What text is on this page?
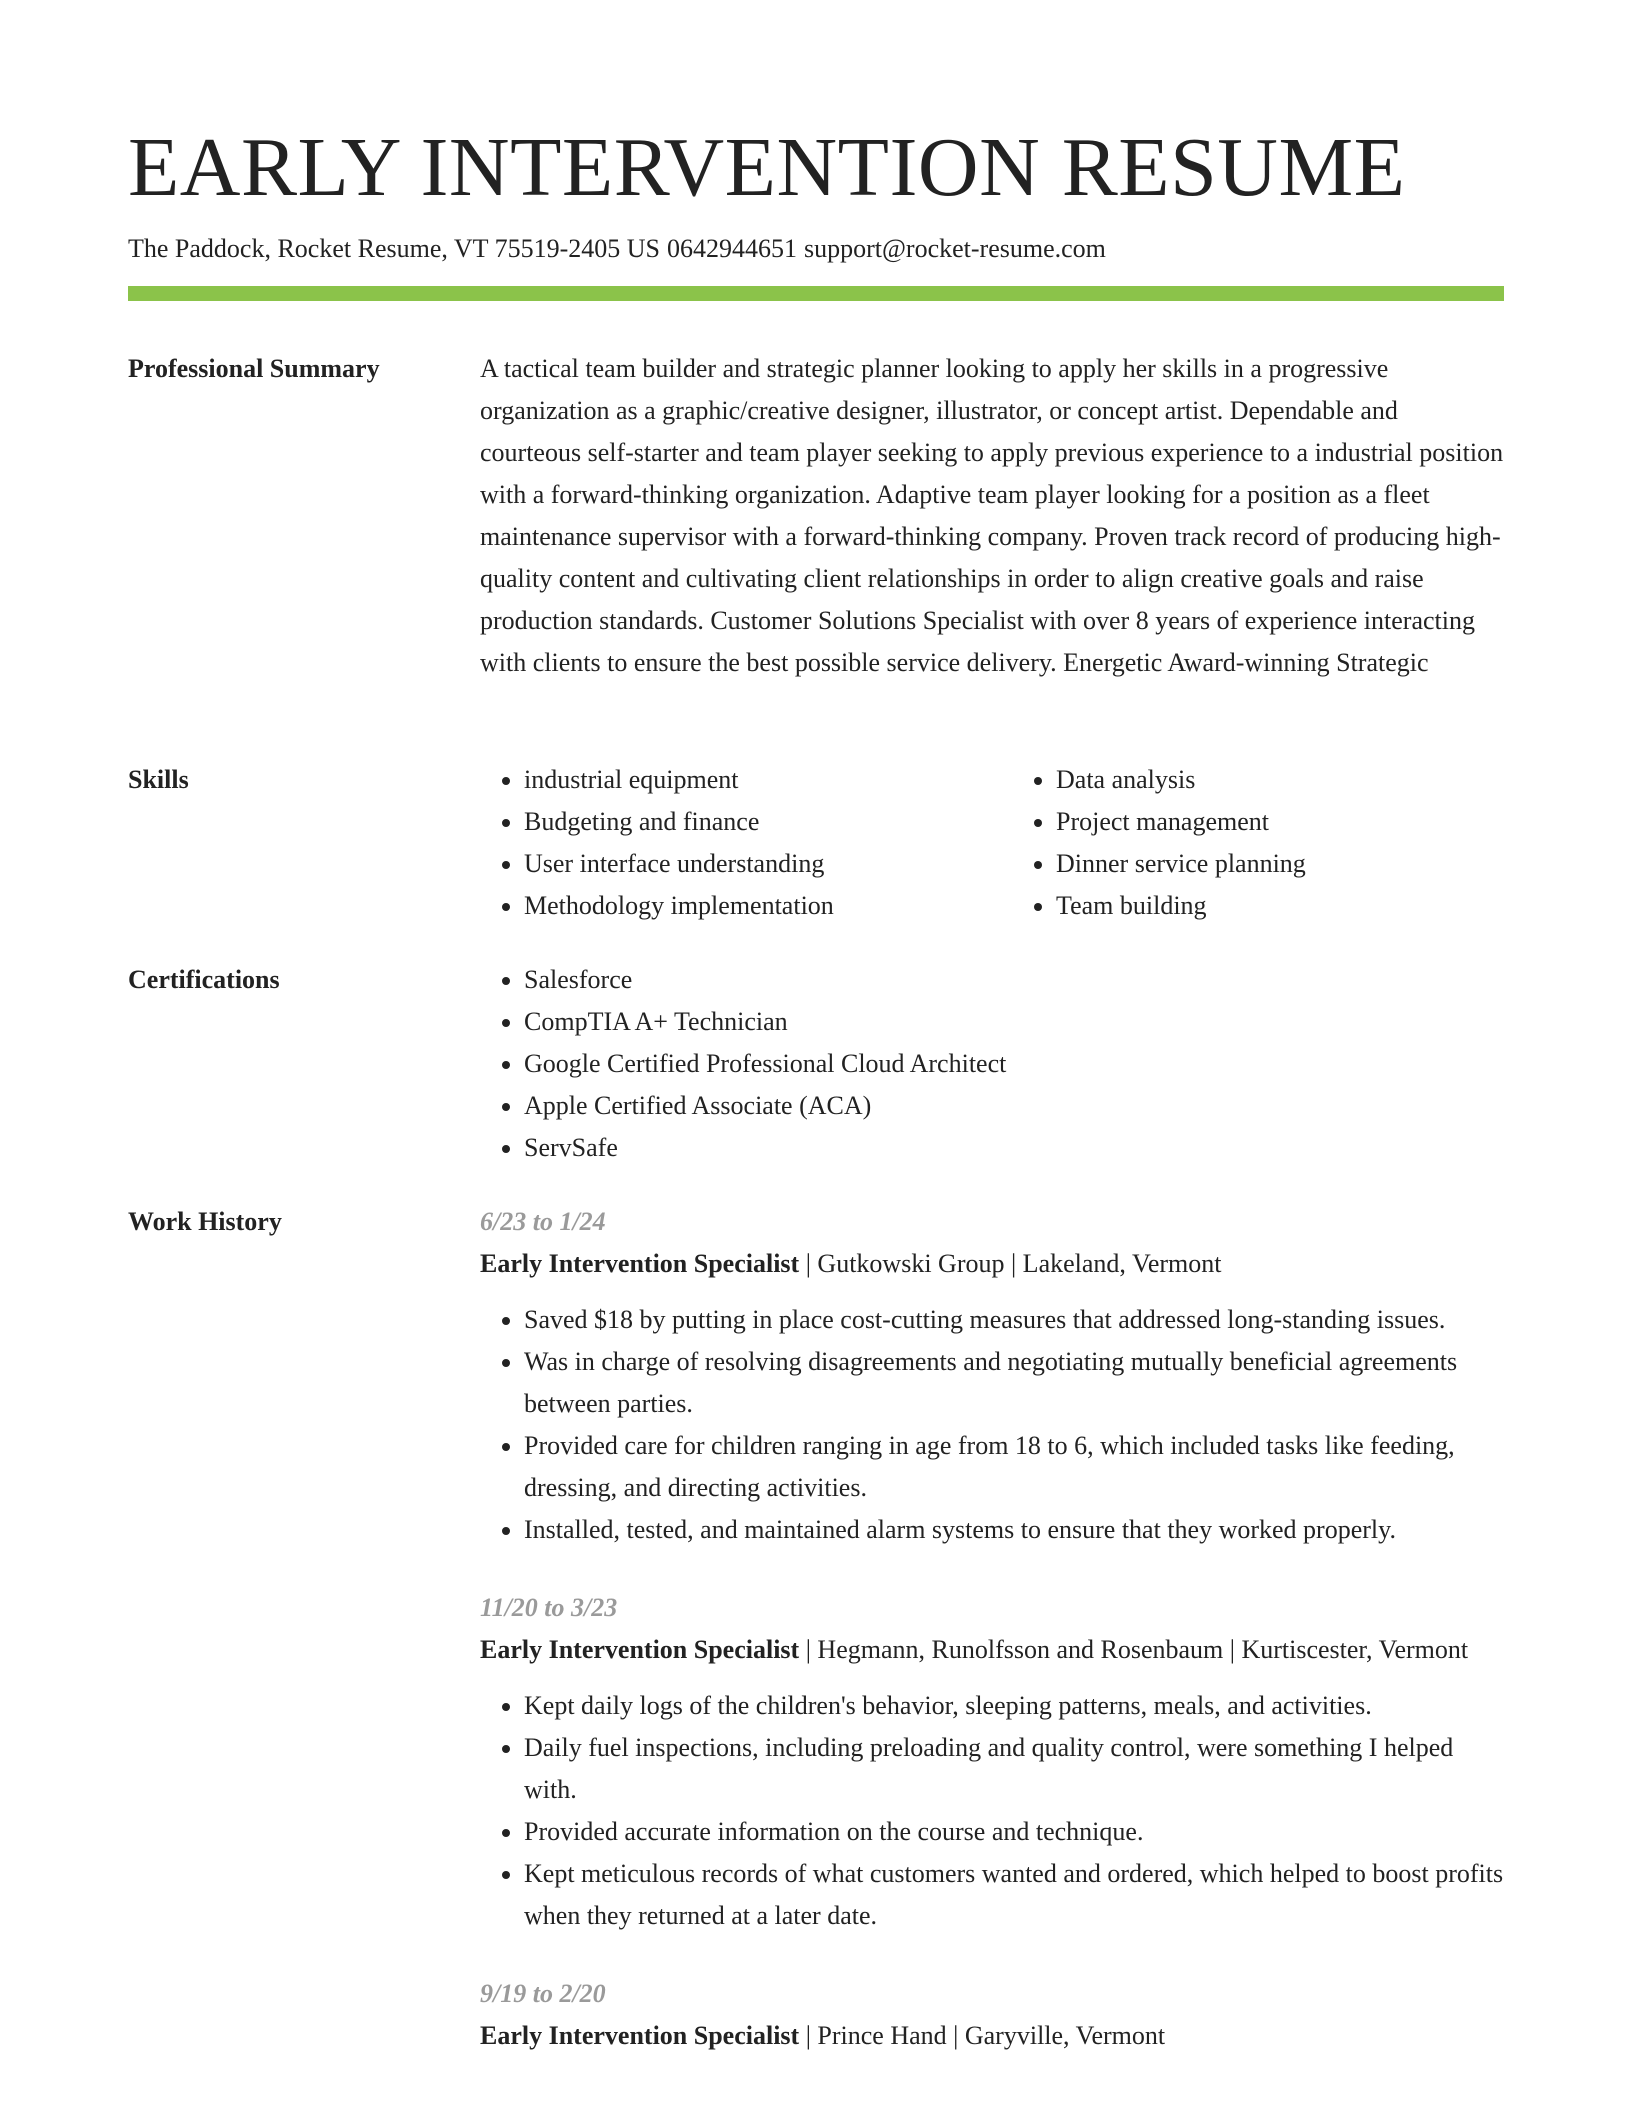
EARLY INTERVENTION RESUME
The Paddock, Rocket Resume, VT 75519-2405 US 0642944651 support@rocket-resume.com
Professional Summary	A tactical team builder and strategic planner looking to apply her skills in a progressive organization as a graphic/creative designer, illustrator, or concept artist. Dependable and courteous self-starter and team player seeking to apply previous experience to a industrial position with a forward-thinking organization. Adaptive team player looking for a position as a fleet maintenance supervisor with a forward-thinking company. Proven track record of producing high-quality content and cultivating client relationships in order to align creative goals and raise production standards. Customer Solutions Specialist with over 8 years of experience interacting with clients to ensure the best possible service delivery. Energetic Award-winning Strategic

Skills	• industrial equipment
• Budgeting and finance
• User interface understanding
• Methodology implementation
• Data analysis
• Project management
• Dinner service planning
• Team building
Certifications	• Salesforce
• CompTIA A+ Technician
• Google Certified Professional Cloud Architect
• Apple Certified Associate (ACA)
• ServSafe
Work History	6/23 to 1/24
Early Intervention Specialist | Gutkowski Group | Lakeland, Vermont
• Saved $18 by putting in place cost-cutting measures that addressed long-standing issues.
• Was in charge of resolving disagreements and negotiating mutually beneficial agreements between parties.
• Provided care for children ranging in age from 18 to 6, which included tasks like feeding, dressing, and directing activities.
• Installed, tested, and maintained alarm systems to ensure that they worked properly.
11/20 to 3/23
Early Intervention Specialist | Hegmann, Runolfsson and Rosenbaum | Kurtiscester, Vermont
• Kept daily logs of the children's behavior, sleeping patterns, meals, and activities.
• Daily fuel inspections, including preloading and quality control, were something I helped with.
• Provided accurate information on the course and technique.
• Kept meticulous records of what customers wanted and ordered, which helped to boost profits when they returned at a later date.
9/19 to 2/20
Early Intervention Specialist | Prince Hand | Garyville, Vermont
